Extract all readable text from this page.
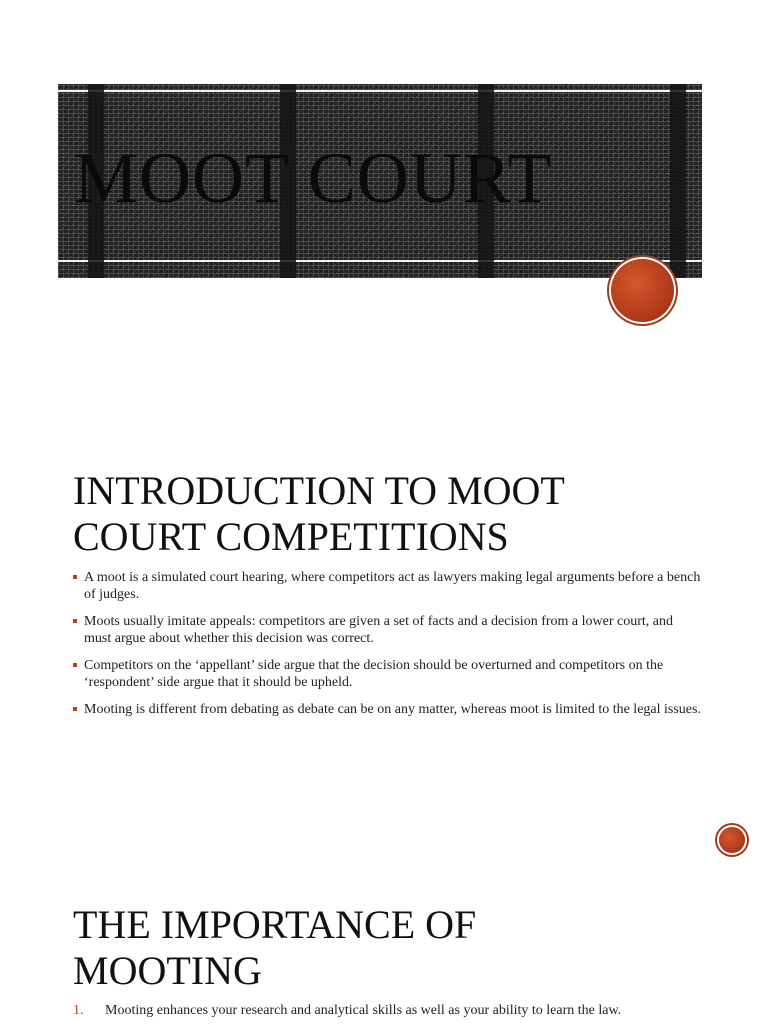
MOOT COURT
INTRODUCTION TO MOOT
COURT COMPETITIONS
A moot is a simulated court hearing, where competitors act as lawyers making legal arguments before a bench of judges.
Moots usually imitate appeals: competitors are given a set of facts and a decision from a lower court, and must argue about whether this decision was correct.
Competitors on the ‘appellant’ side argue that the decision should be overturned and competitors on the ‘respondent’ side argue that it should be upheld.
Mooting is different from debating as debate can be on any matter, whereas moot is limited to the legal issues.
THE IMPORTANCE OF
MOOTING
1. Mooting enhances your research and analytical skills as well as your ability to learn the law.
